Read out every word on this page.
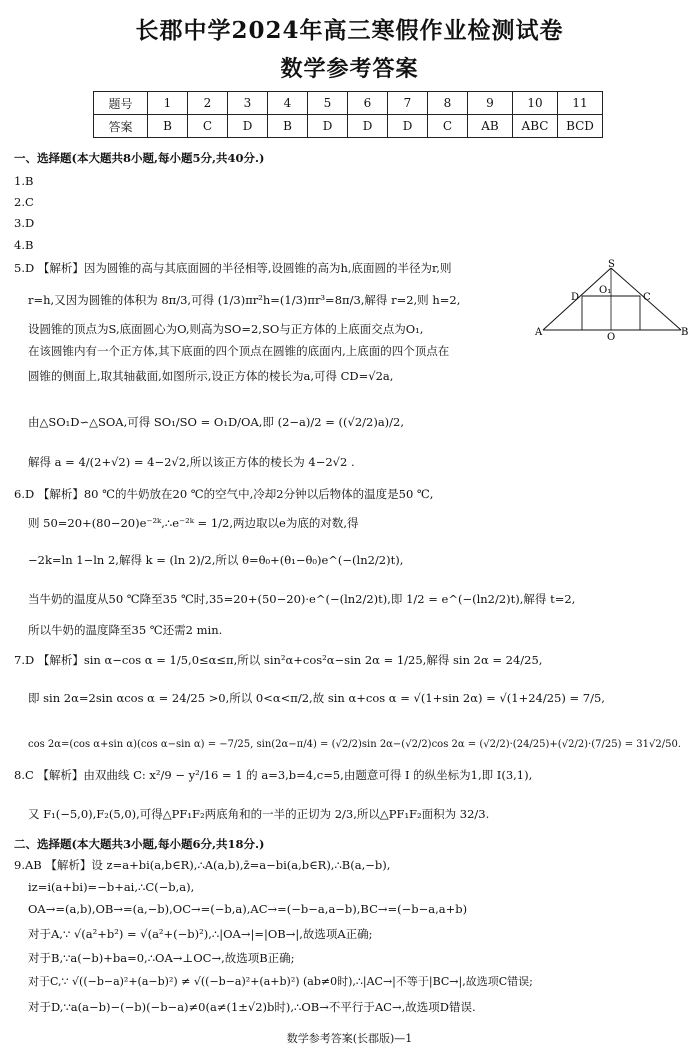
长郡中学2024年高三寒假作业检测试卷
数学参考答案
题号	1	2	3	4	5	6	7	8	9	10	11
答案	B	C	D	B	D	D	D	C	AB	ABC	BCD
一、选择题(本大题共8小题,每小题5分,共40分.)
1.B
2.C
3.D
4.B
5.D 【解析】因为圆锥的高与其底面圆的半径相等,设圆锥的高为h,底面圆的半径为r,则
r=h,又因为圆锥的体积为 8π/3,可得 (1/3)πr²h=(1/3)πr³=8π/3,解得 r=2,则 h=2,
设圆锥的顶点为S,底面圆心为O,则高为SO=2,SO与正方体的上底面交点为O₁,
在该圆锥内有一个正方体,其下底面的四个顶点在圆锥的底面内,上底面的四个顶点在
圆锥的侧面上,取其轴截面,如图所示,设正方体的棱长为a,可得 CD=√2a,
由△SO₁D∽△SOA,可得 SO₁/SO = O₁D/OA,即 (2−a)/2 = ((√2/2)a)/2,
解得 a = 4/(2+√2) = 4−2√2,所以该正方体的棱长为 4−2√2 .
S
D
O₁
C
A	O	B
6.D 【解析】80 ℃的牛奶放在20 ℃的空气中,冷却2分钟以后物体的温度是50 ℃,
则 50=20+(80−20)e⁻²ᵏ,∴e⁻²ᵏ = 1/2,两边取以e为底的对数,得
−2k=ln 1−ln 2,解得 k = (ln 2)/2,所以 θ=θ₀+(θ₁−θ₀)e^(−(ln2/2)t),
当牛奶的温度从50 ℃降至35 ℃时,35=20+(50−20)·e^(−(ln2/2)t),即 1/2 = e^(−(ln2/2)t),解得 t=2,
所以牛奶的温度降至35 ℃还需2 min.
7.D 【解析】sin α−cos α = 1/5,0≤α≤π,所以 sin²α+cos²α−sin 2α = 1/25,解得 sin 2α = 24/25,
即 sin 2α=2sin αcos α = 24/25 >0,所以 0<α<π/2,故 sin α+cos α = √(1+sin 2α) = √(1+24/25) = 7/5,
cos 2α=(cos α+sin α)(cos α−sin α) = −7/25, sin(2α−π/4) = (√2/2)sin 2α−(√2/2)cos 2α = (√2/2)·(24/25)+(√2/2)·(7/25) = 31√2/50.
8.C 【解析】由双曲线 C: x²/9 − y²/16 = 1 的 a=3,b=4,c=5,由题意可得 I 的纵坐标为1,即 I(3,1),
又 F₁(−5,0),F₂(5,0),可得△PF₁F₂两底角和的一半的正切为 2/3,所以△PF₁F₂面积为 32/3.
二、选择题(本大题共3小题,每小题6分,共18分.)
9.AB 【解析】设 z=a+bi(a,b∈R),∴A(a,b),z̄=a−bi(a,b∈R),∴B(a,−b),
iz=i(a+bi)=−b+ai,∴C(−b,a),
OA→=(a,b),OB→=(a,−b),OC→=(−b,a),AC→=(−b−a,a−b),BC→=(−b−a,a+b)
对于A,∵ √(a²+b²) = √(a²+(−b)²),∴|OA→|=|OB→|,故选项A正确;
对于B,∵a(−b)+ba=0,∴OA→⊥OC→,故选项B正确;
对于C,∵ √((−b−a)²+(a−b)²) ≠ √((−b−a)²+(a+b)²) (ab≠0时),∴|AC→|不等于|BC→|,故选项C错误;
对于D,∵a(a−b)−(−b)(−b−a)≠0(a≠(1±√2)b时),∴OB→不平行于AC→,故选项D错误.
数学参考答案(长郡版)—1
